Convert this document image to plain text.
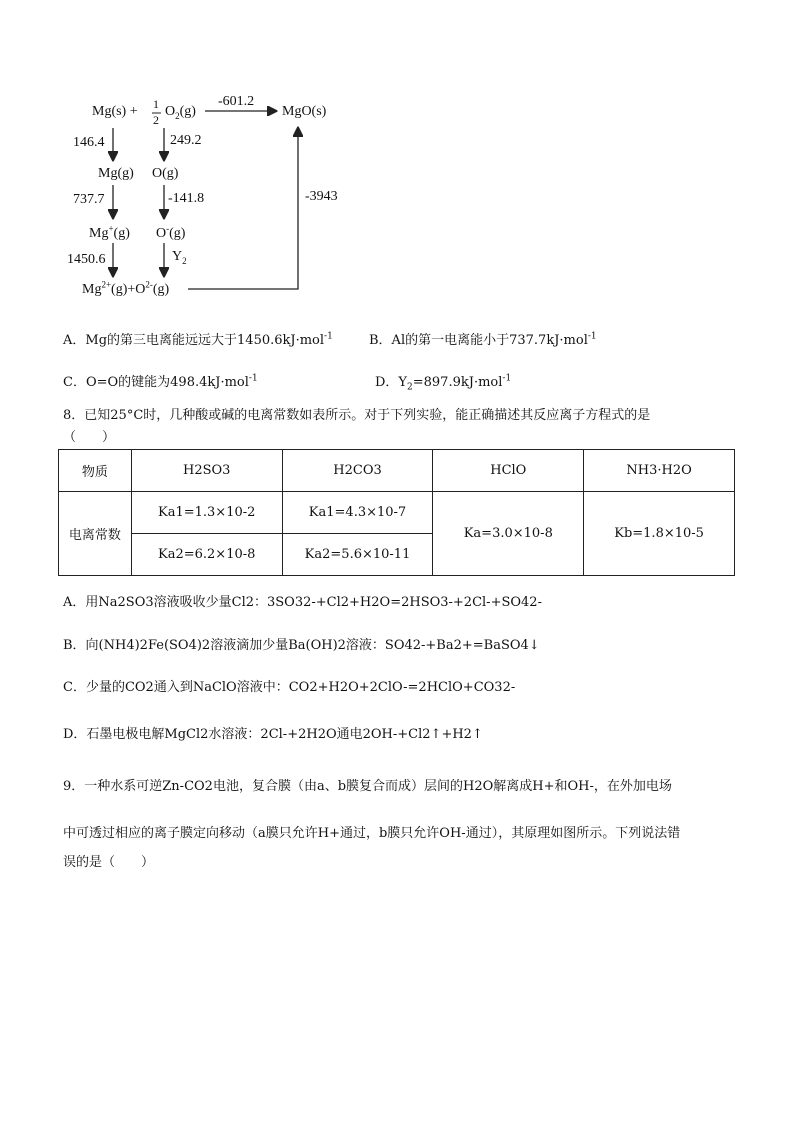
Mg(s) + 1
2
$O_2(g)$
-601.2
MgO(s)
146.4	249.2
Mg(g) O(g)
737.7	-141.8	-3943
Mg+(g) O-(g)
1450.6	$Y_2$
$Mg^{2+}(g)+O^{2-}(g)$
A．Mg的第三电离能远远大于1450.6kJ·mol$^{-1}$	B．Al的第一电离能小于737.7kJ·mol$^{-1}$
C．O=O的键能为498.4kJ·mol$^{-1}$	D．$Y_2=897.9kJ\cdot mol^{-1}$
8．已知25°C时，几种酸或碱的电离常数如表所示。对于下列实验，能正确描述其反应离子方程式的是
（　　）
物质	H2SO3	H2CO3	HClO	NH3·H2O
电离常数	Ka1=1.3×10-2	Ka1=4.3×10-7	Ka=3.0×10-8	Kb=1.8×10-5
	Ka2=6.2×10-8	Ka2=5.6×10-11		
A．用Na2SO3溶液吸收少量Cl2：3SO32-+Cl2+H2O=2HSO3-+2Cl-+SO42-
B．向(NH4)2Fe(SO4)2溶液滴加少量Ba(OH)2溶液：SO42-+Ba2+=BaSO4↓
C．少量的CO2通入到NaClO溶液中：CO2+H2O+2ClO-=2HClO+CO32-
D．石墨电极电解MgCl2水溶液：2Cl-+2H2O通电2OH-+Cl2↑+H2↑
9．一种水系可逆Zn-CO2电池，复合膜（由a、b膜复合而成）层间的H2O解离成H+和OH-，在外加电场
中可透过相应的离子膜定向移动（a膜只允许H+通过，b膜只允许OH-通过），其原理如图所示。下列说法错
误的是（　　）
